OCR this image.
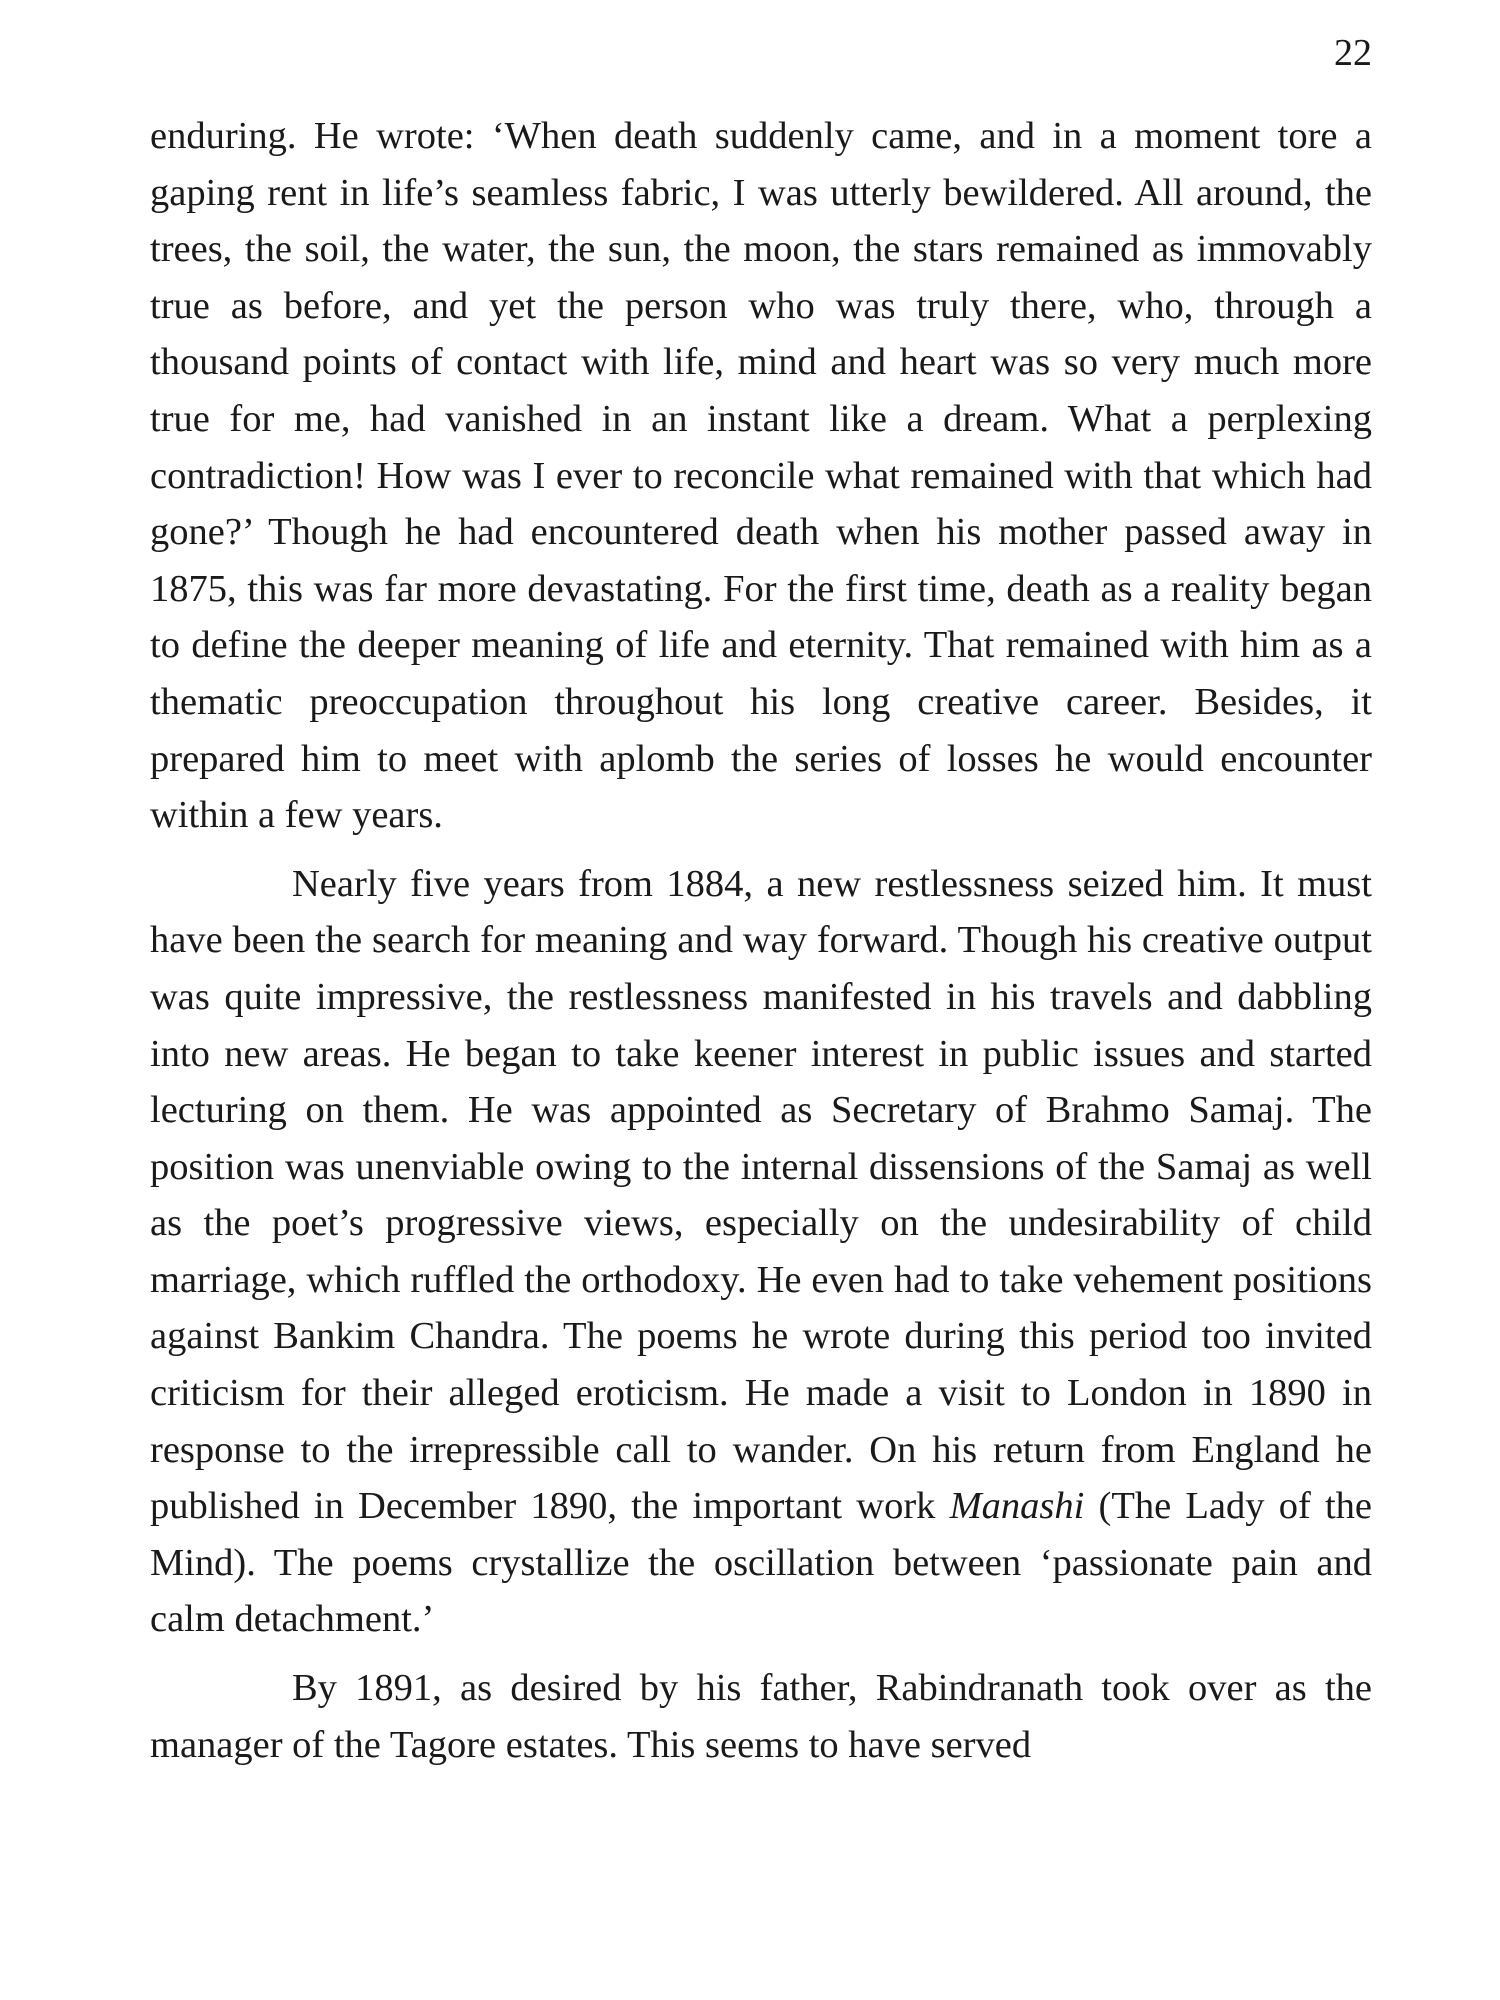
22

enduring. He wrote: ‘When death suddenly came, and in a moment tore a gaping rent in life’s seamless fabric, I was utterly bewildered. All around, the trees, the soil, the water, the sun, the moon, the stars remained as immovably true as before, and yet the person who was truly there, who, through a thousand points of contact with life, mind and heart was so very much more true for me, had vanished in an instant like a dream. What a perplexing contradiction! How was I ever to reconcile what remained with that which had gone?’ Though he had encountered death when his mother passed away in 1875, this was far more devastating. For the first time, death as a reality began to define the deeper meaning of life and eternity. That remained with him as a thematic preoccupation throughout his long creative career. Besides, it prepared him to meet with aplomb the series of losses he would encounter within a few years.

Nearly five years from 1884, a new restlessness seized him. It must have been the search for meaning and way forward. Though his creative output was quite impressive, the restlessness manifested in his travels and dabbling into new areas. He began to take keener interest in public issues and started lecturing on them. He was appointed as Secretary of Brahmo Samaj. The position was unenviable owing to the internal dissensions of the Samaj as well as the poet’s progressive views, especially on the undesirability of child marriage, which ruffled the orthodoxy. He even had to take vehement positions against Bankim Chandra. The poems he wrote during this period too invited criticism for their alleged eroticism. He made a visit to London in 1890 in response to the irrepressible call to wander. On his return from England he published in December 1890, the important work Manashi (The Lady of the Mind). The poems crystallize the oscillation between ‘passionate pain and calm detachment.’

By 1891, as desired by his father, Rabindranath took over as the manager of the Tagore estates. This seems to have served
